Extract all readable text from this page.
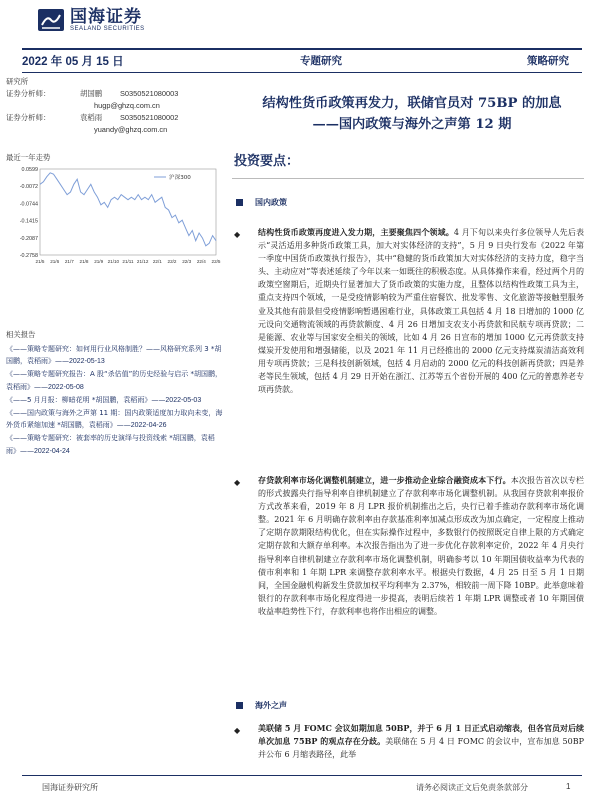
国海证券
SEALAND SECURITIES
2022 年 05 月 15 日	专题研究	策略研究
研究所
证券分析师：	胡国鹏 S0350521080003
hugp@ghzq.com.cn
证券分析师：	袁稻雨 S0350521080002
yuandy@ghzq.com.cn
最近一年走势
0.0599
-0.0072
-0.0744
-0.1415
-0.2087
-0.2758
21/5 21/6 21/7 21/8 21/9 21/10 21/11 21/12 22/1 22/2 22/3 22/4 22/5
沪深300
相关报告
《——策略专题研究：如何用行业风格制胜？——风格研究系列 3 *胡国鹏，袁稻雨》——2022-05-13
《——策略专题研究报告：A 股“杀估值”的历史经验与启示 *胡国鹏，袁稻雨》——2022-05-08
《——5 月月报：柳暗花明 *胡国鹏，袁稻雨》——2022-05-03
《——国内政策与海外之声第 11 期：国内政策适度加力取向未变，海外货币紧缩加速 *胡国鹏，袁稻雨》——2022-04-26
《——策略专题研究：被套率的历史演绎与投资线索 *胡国鹏，袁稻雨》——2022-04-24
结构性货币政策再发力，联储官员对 75BP 的加息
——国内政策与海外之声第 12 期
投资要点：
国内政策
◆ 结构性货币政策再度进入发力期，主要聚焦四个领域。4 月下旬以来央行多位领导人先后表示“灵活适用多种货币政策工具，加大对实体经济的支持”，5 月 9 日央行发布《2022 年第一季度中国货币政策执行报告》，其中“稳健的货币政策加大对实体经济的支持力度，稳字当头、主动应对”等表述延续了今年以来一如既往的积极态度。从具体操作来看，经过两个月的政策空窗期后，近期央行显著加大了货币政策的实施力度，且整体以结构性政策工具为主，重点支持四个领域，一是受疫情影响较为严重住宿餐饮、批发零售、文化旅游等接触型服务业及其他有前景但受疫情影响暂遇困难行业，具体政策工具包括 4 月 18 日增加的 1000 亿元设向交通物流领域的再贷款额度、4 月 26 日增加支农支小再贷款和民航专项再贷款；二是能源、农业等与国家安全相关的领域，比如 4 月 26 日宣布的增加 1000 亿元再贷款支持煤炭开发使用和增强储能，以及 2021 年 11 月已经推出的 2000 亿元支持煤炭清洁高效利用专项再贷款；三是科技创新领域，包括 4 月启动的 2000 亿元的科技创新再贷款；四是养老等民生领域，包括 4 月 29 日开始在浙江、江苏等五个省份开展的 400 亿元的普惠养老专项再贷款。
◆ 存贷款利率市场化调整机制建立，进一步推动企业综合融资成本下行。本次报告首次以专栏的形式披露央行指导利率自律机制建立了存款利率市场化调整机制。从我国存贷款利率报价方式改革来看，2019 年 8 月 LPR 报价机制推出之后，央行已着手推动存款利率市场化调整。2021 年 6 月明确存款利率由存款基准利率加减点形成改为加点确定，一定程度上推动了定期存款期限结构优化，但在实际操作过程中，多数银行仍按照既定自律上限的方式确定定期存款和大额存单利率。本次报告指出为了进一步优化存款利率定价，2022 年 4 月央行指导利率自律机制建立存款利率市场化调整机制，明确参考以 10 年期国债收益率为代表的债市利率和 1 年期 LPR 来调整存款利率水平。根据央行数据，4 月 25 日至 5 月 1 日期间，全国金融机构新发生贷款加权平均利率为 2.37%，相较前一周下降 10BP。此举意味着银行的存款利率市场化程度得进一步提高，表明后续若 1 年期 LPR 调整或者 10 年期国债收益率趋势性下行，存款利率也将作出相应的调整。
海外之声
◆ 美联储 5 月 FOMC 会议如期加息 50BP，并于 6 月 1 日正式启动缩表，但各官员对后续单次加息 75BP 的观点存在分歧。美联储在 5 月 4 日 FOMC 的会议中，宣布加息 50BP 并公布 6 月缩表路径，此举
国海证券研究所	请务必阅读正文后免责条款部分	1
